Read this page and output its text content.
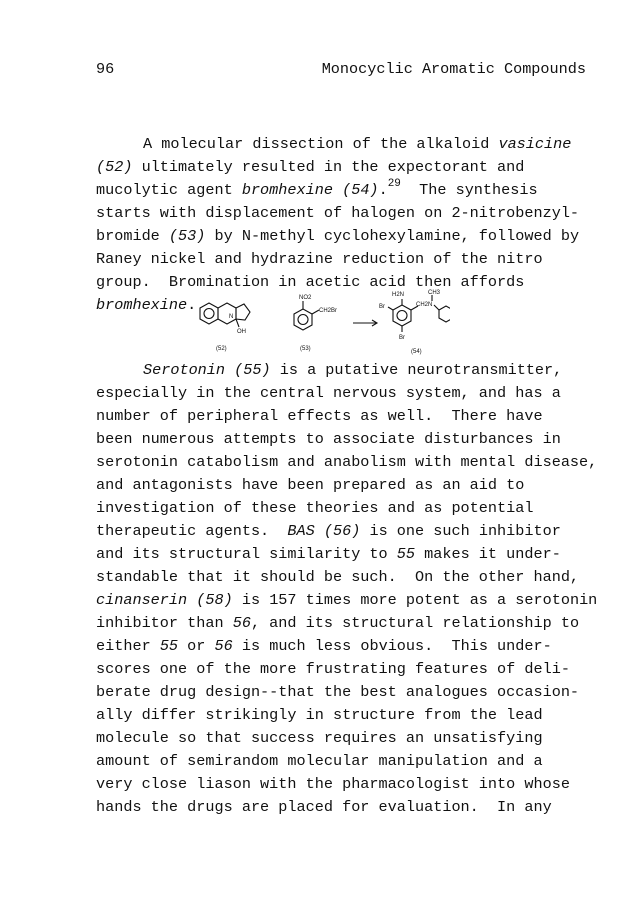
96	Monocyclic Aromatic Compounds
A molecular dissection of the alkaloid vasicine
(52) ultimately resulted in the expectorant and
mucolytic agent bromhexine (54).$^{29}$  The synthesis
starts with displacement of halogen on 2-nitrobenzyl-
bromide (53) by N-methyl cyclohexylamine, followed by
Raney nickel and hydrazine reduction of the nitro
group.  Bromination in acetic acid then affords
bromhexine.
N
OH
(52)
NO2
CH2Br
(53)
H2N	CH3
CH2N
Br
Br
(54)
Serotonin (55) is a putative neurotransmitter,
especially in the central nervous system, and has a
number of peripheral effects as well.  There have
been numerous attempts to associate disturbances in
serotonin catabolism and anabolism with mental disease,
and antagonists have been prepared as an aid to
investigation of these theories and as potential
therapeutic agents.  BAS (56) is one such inhibitor
and its structural similarity to 55 makes it under-
standable that it should be such.  On the other hand,
cinanserin (58) is 157 times more potent as a serotonin
inhibitor than 56, and its structural relationship to
either 55 or 56 is much less obvious.  This under-
scores one of the more frustrating features of deli-
berate drug design--that the best analogues occasion-
ally differ strikingly in structure from the lead
molecule so that success requires an unsatisfying
amount of semirandom molecular manipulation and a
very close liason with the pharmacologist into whose
hands the drugs are placed for evaluation.  In any
